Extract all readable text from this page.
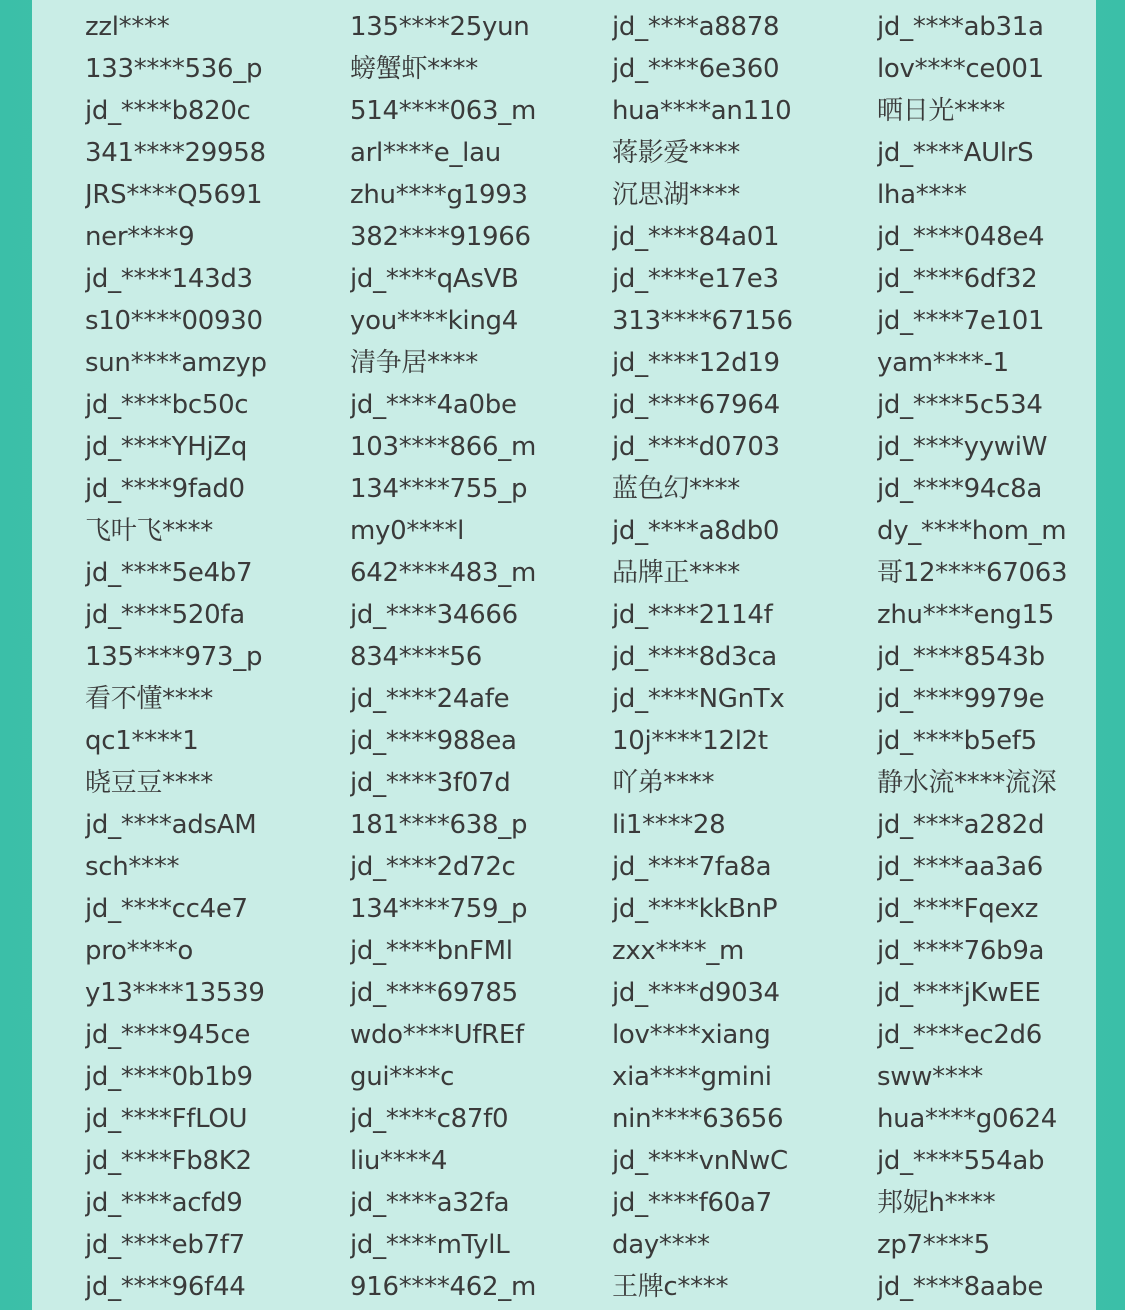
zzl****	135****25yun	jd_****a8878	jd_****ab31a
133****536_p	螃蟹虾****	jd_****6e360	lov****ce001
jd_****b820c	514****063_m	hua****an110	晒日光****
341****29958	arl****e_lau	蒋影爱****	jd_****AUlrS
JRS****Q5691	zhu****g1993	沉思湖****	lha****
ner****9	382****91966	jd_****84a01	jd_****048e4
jd_****143d3	jd_****qAsVB	jd_****e17e3	jd_****6df32
s10****00930	you****king4	313****67156	jd_****7e101
sun****amzyp	清争居****	jd_****12d19	yam****-1
jd_****bc50c	jd_****4a0be	jd_****67964	jd_****5c534
jd_****YHjZq	103****866_m	jd_****d0703	jd_****yywiW
jd_****9fad0	134****755_p	蓝色幻****	jd_****94c8a
飞叶飞****	my0****l	jd_****a8db0	dy_****hom_m
jd_****5e4b7	642****483_m	品牌正****	哥12****67063
jd_****520fa	jd_****34666	jd_****2114f	zhu****eng15
135****973_p	834****56	jd_****8d3ca	jd_****8543b
看不懂****	jd_****24afe	jd_****NGnTx	jd_****9979e
qc1****1	jd_****988ea	10j****12l2t	jd_****b5ef5
晓豆豆****	jd_****3f07d	吖弟****	静水流****流深
jd_****adsAM	181****638_p	li1****28	jd_****a282d
sch****	jd_****2d72c	jd_****7fa8a	jd_****aa3a6
jd_****cc4e7	134****759_p	jd_****kkBnP	jd_****Fqexz
pro****o	jd_****bnFMl	zxx****_m	jd_****76b9a
y13****13539	jd_****69785	jd_****d9034	jd_****jKwEE
jd_****945ce	wdo****UfREf	lov****xiang	jd_****ec2d6
jd_****0b1b9	gui****c	xia****gmini	sww****
jd_****FfLOU	jd_****c87f0	nin****63656	hua****g0624
jd_****Fb8K2	liu****4	jd_****vnNwC	jd_****554ab
jd_****acfd9	jd_****a32fa	jd_****f60a7	邦妮h****
jd_****eb7f7	jd_****mTylL	day****	zp7****5
jd_****96f44	916****462_m	王牌c****	jd_****8aabe
